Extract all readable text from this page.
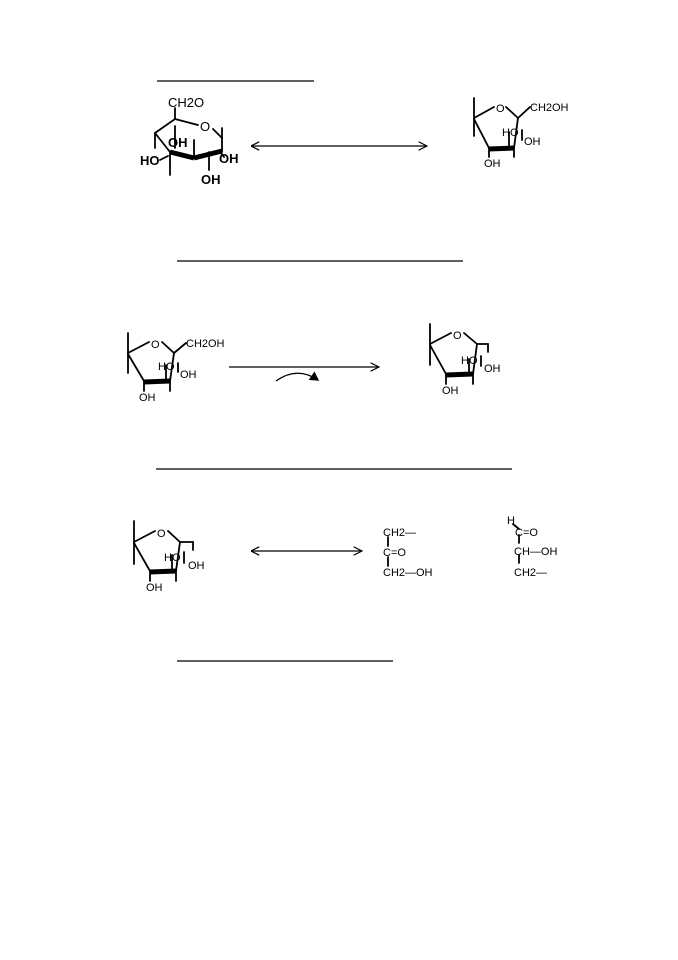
CH2O
O
OH
HO	OH
OH
O CH2OH
HO
OH
OH
O CH2OH
HO
OH
OH
O
HO
OH
OH
O
HO
OH
OH
CH2—
C=O
CH2—OH
H
C=O
CH—OH
CH2—
